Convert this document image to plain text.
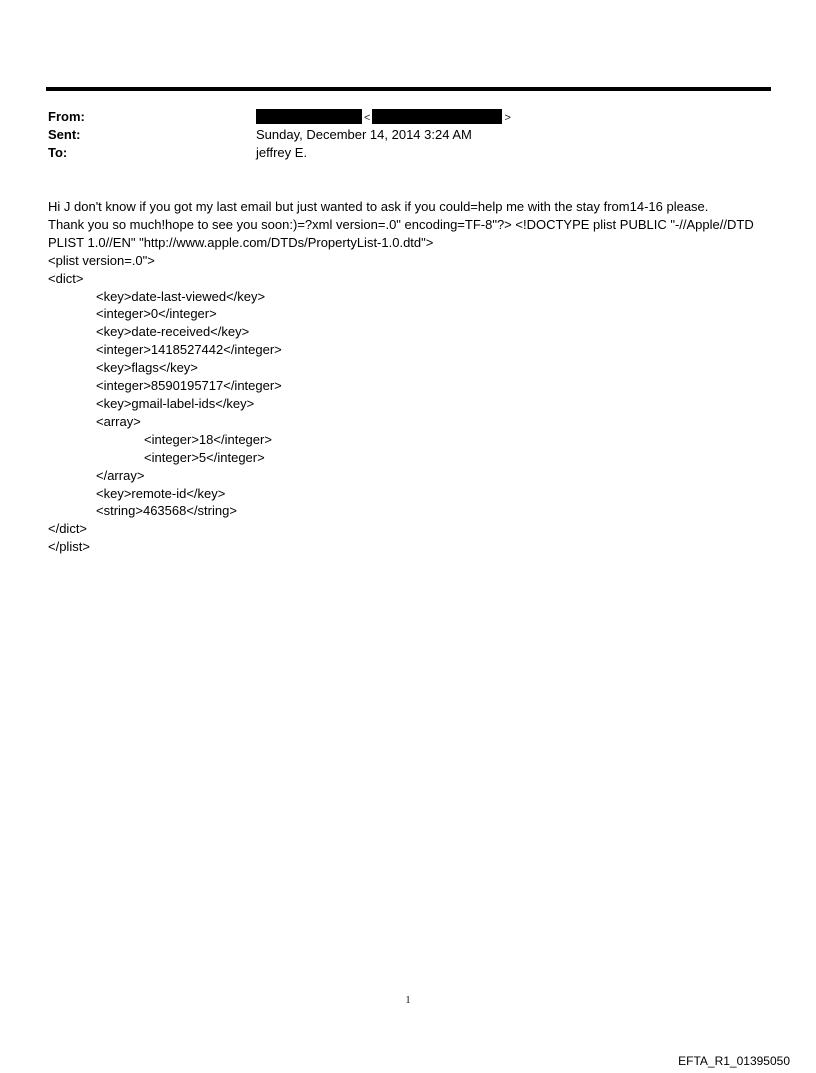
From:	<	>
Sent:	Sunday, December 14, 2014 3:24 AM
To:	jeffrey E.

Hi J don't know if you got my last email but just wanted to ask if you could=help me with the stay from14-16 please.

Thank you so much!hope to see you soon:)=?xml version=.0" encoding=TF-8"?> <!DOCTYPE plist PUBLIC "-//Apple//DTD

PLIST 1.0//EN" "http://www.apple.com/DTDs/PropertyList-1.0.dtd">

<plist version=.0">

<dict>

<key>date-last-viewed</key>

<integer>0</integer>

<key>date-received</key>

<integer>1418527442</integer>

<key>flags</key>

<integer>8590195717</integer>

<key>gmail-label-ids</key>

<array>

<integer>18</integer>

<integer>5</integer>

</array>

<key>remote-id</key>

<string>463568</string>

</dict>

</plist>

1
EFTA_R1_01395050
